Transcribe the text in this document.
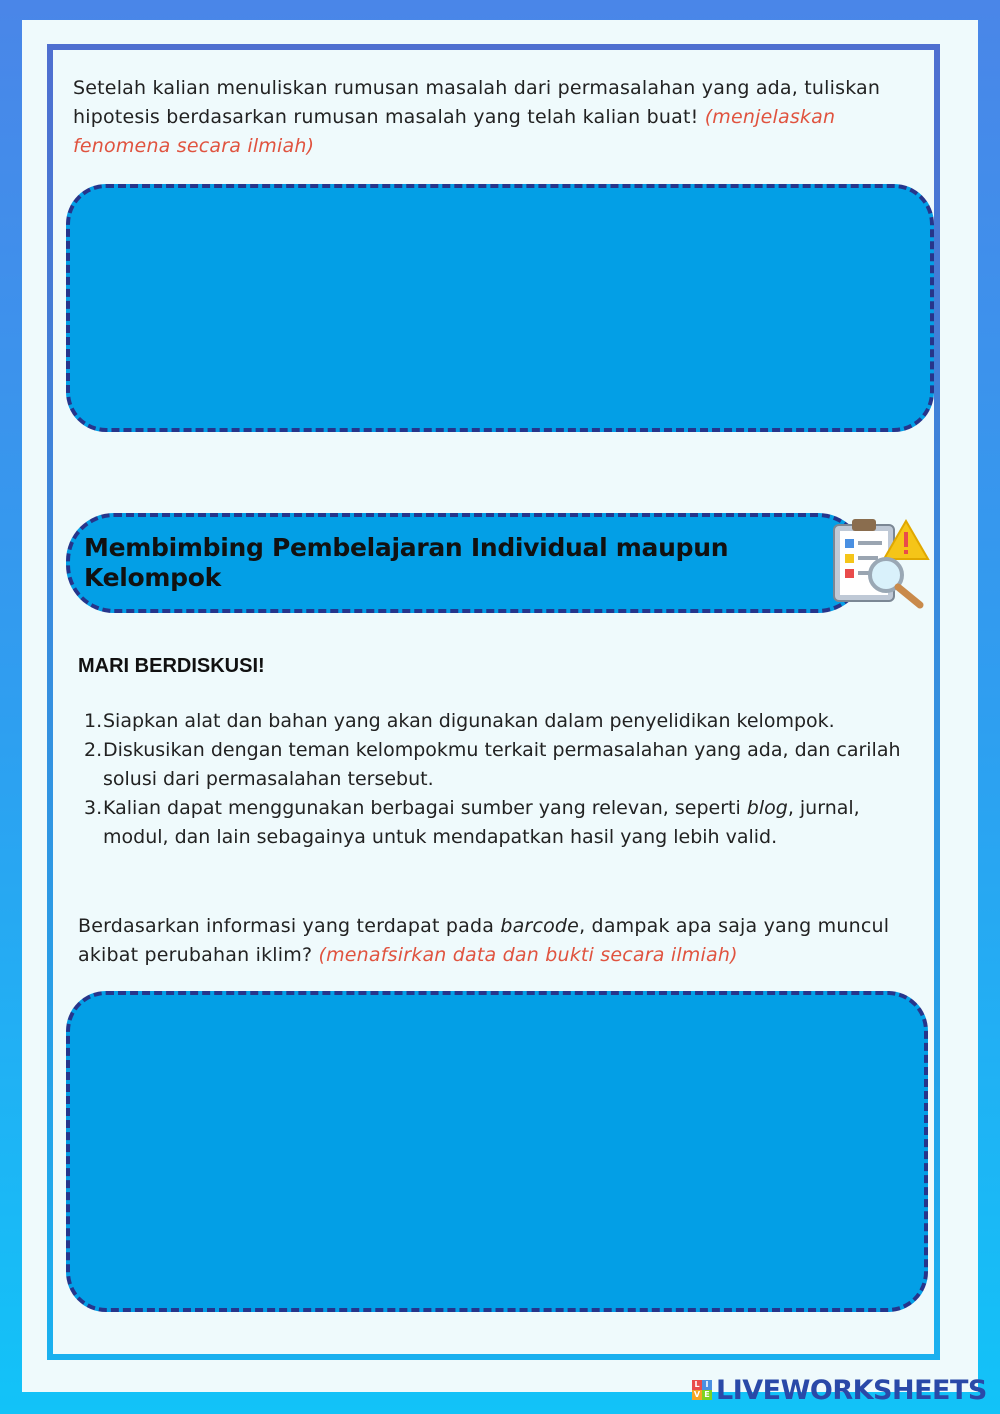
Setelah kalian menuliskan rumusan masalah dari permasalahan yang ada, tuliskan hipotesis berdasarkan rumusan masalah yang telah kalian buat! (menjelaskan fenomena secara ilmiah)

Membimbing Pembelajaran Individual maupun Kelompok
MARI BERDISKUSI!
1. Siapkan alat dan bahan yang akan digunakan dalam penyelidikan kelompok.
2. Diskusikan dengan teman kelompokmu terkait permasalahan yang ada, dan carilah solusi dari permasalahan tersebut.
3. Kalian dapat menggunakan berbagai sumber yang relevan, seperti blog, jurnal, modul, dan lain sebagainya untuk mendapatkan hasil yang lebih valid.

Berdasarkan informasi yang terdapat pada barcode, dampak apa saja yang muncul akibat perubahan iklim? (menafsirkan data dan bukti secara ilmiah)

L I
V E LIVEWORKSHEETS
